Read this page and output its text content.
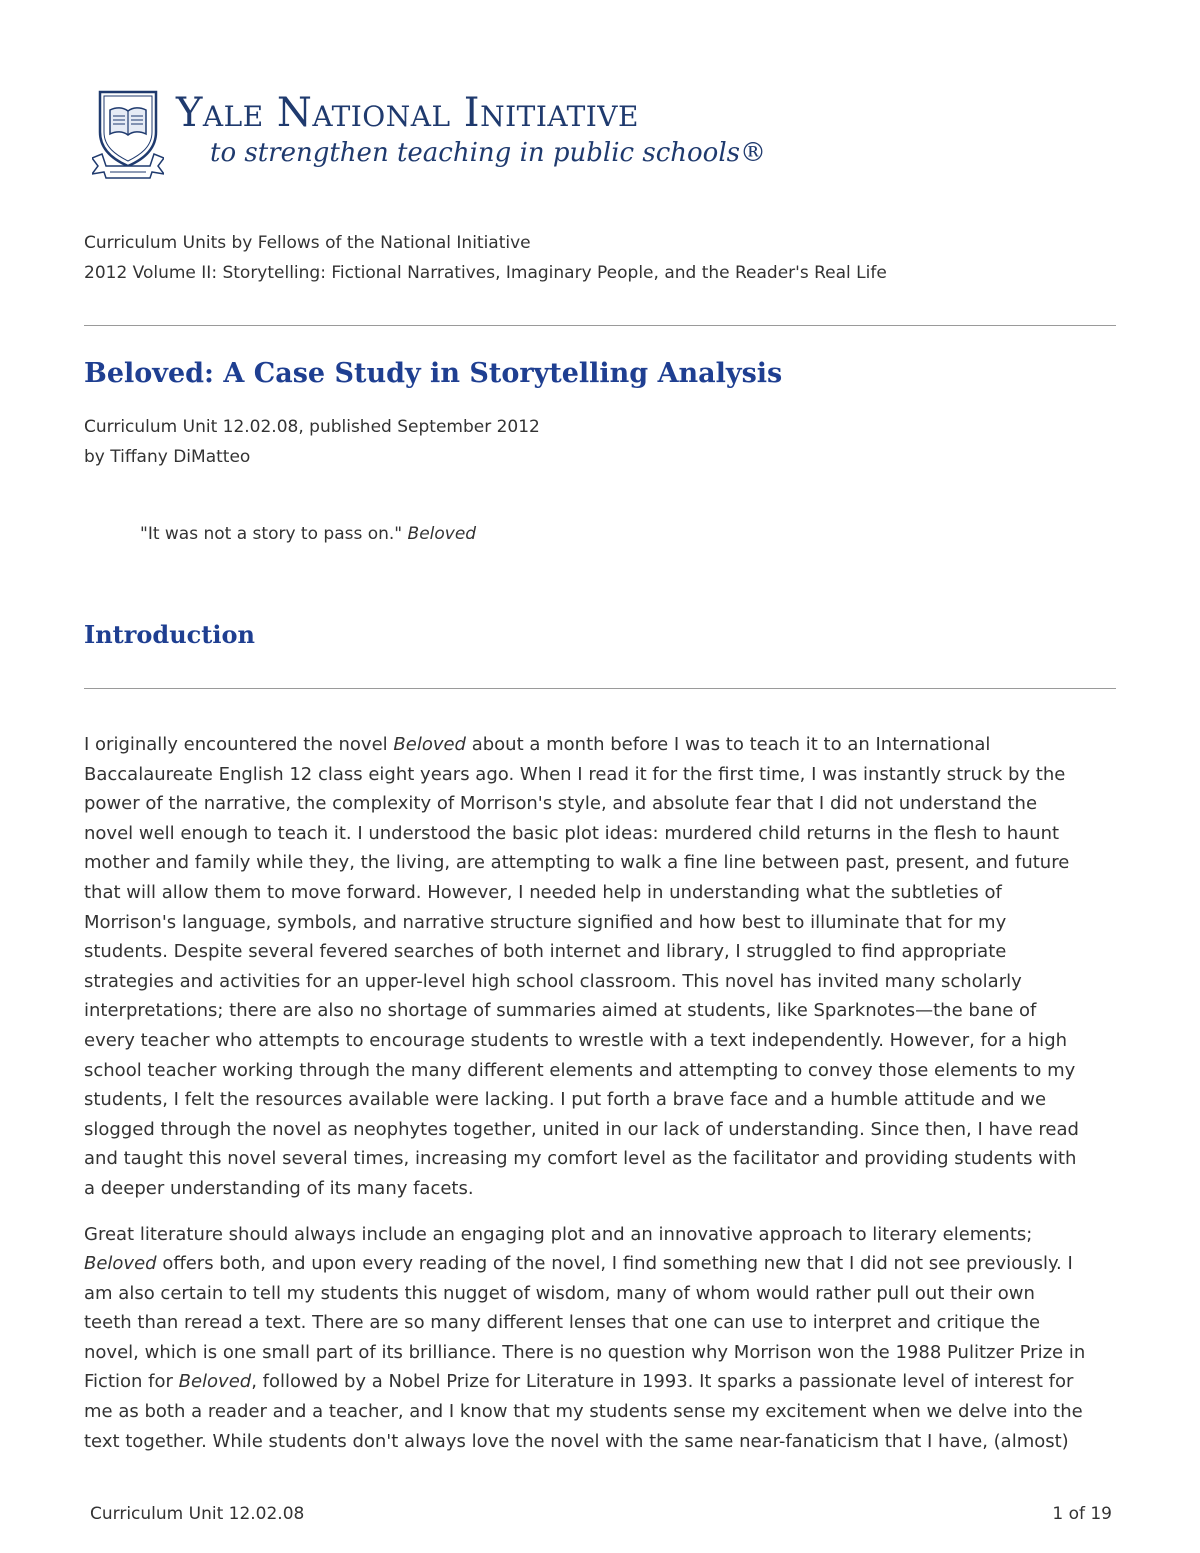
Yale National Initiative
to strengthen teaching in public schools®
Curriculum Units by Fellows of the National Initiative
2012 Volume II: Storytelling: Fictional Narratives, Imaginary People, and the Reader's Real Life
Beloved: A Case Study in Storytelling Analysis
Curriculum Unit 12.02.08, published September 2012
by Tiffany DiMatteo
"It was not a story to pass on." Beloved
Introduction

I originally encountered the novel Beloved about a month before I was to teach it to an International
Baccalaureate English 12 class eight years ago. When I read it for the first time, I was instantly struck by the
power of the narrative, the complexity of Morrison's style, and absolute fear that I did not understand the
novel well enough to teach it. I understood the basic plot ideas: murdered child returns in the flesh to haunt
mother and family while they, the living, are attempting to walk a fine line between past, present, and future
that will allow them to move forward. However, I needed help in understanding what the subtleties of
Morrison's language, symbols, and narrative structure signified and how best to illuminate that for my
students. Despite several fevered searches of both internet and library, I struggled to find appropriate
strategies and activities for an upper-level high school classroom. This novel has invited many scholarly
interpretations; there are also no shortage of summaries aimed at students, like Sparknotes—the bane of
every teacher who attempts to encourage students to wrestle with a text independently. However, for a high
school teacher working through the many different elements and attempting to convey those elements to my
students, I felt the resources available were lacking. I put forth a brave face and a humble attitude and we
slogged through the novel as neophytes together, united in our lack of understanding. Since then, I have read
and taught this novel several times, increasing my comfort level as the facilitator and providing students with
a deeper understanding of its many facets.

Great literature should always include an engaging plot and an innovative approach to literary elements;
Beloved offers both, and upon every reading of the novel, I find something new that I did not see previously. I
am also certain to tell my students this nugget of wisdom, many of whom would rather pull out their own
teeth than reread a text. There are so many different lenses that one can use to interpret and critique the
novel, which is one small part of its brilliance. There is no question why Morrison won the 1988 Pulitzer Prize in
Fiction for Beloved, followed by a Nobel Prize for Literature in 1993. It sparks a passionate level of interest for
me as both a reader and a teacher, and I know that my students sense my excitement when we delve into the
text together. While students don't always love the novel with the same near-fanaticism that I have, (almost)

Curriculum Unit 12.02.08	1 of 19
